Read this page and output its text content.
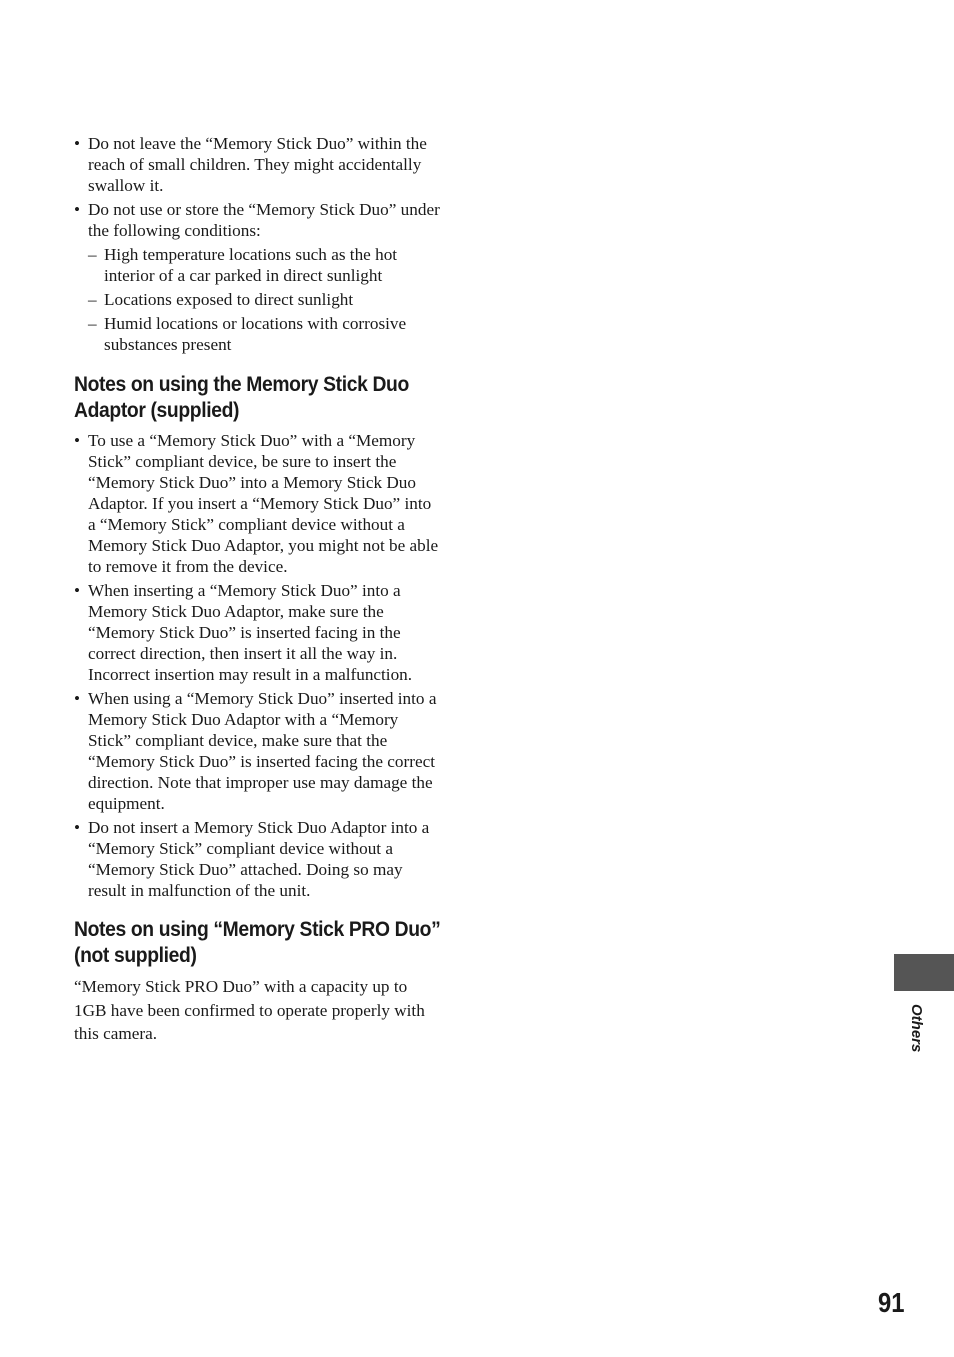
• Do not leave the “Memory Stick Duo” within the reach of small children. They might accidentally swallow it.
• Do not use or store the “Memory Stick Duo” under the following conditions:
– High temperature locations such as the hot interior of a car parked in direct sunlight
– Locations exposed to direct sunlight
– Humid locations or locations with corrosive substances present
Notes on using the Memory Stick Duo Adaptor (supplied)
• To use a “Memory Stick Duo” with a “Memory Stick” compliant device, be sure to insert the “Memory Stick Duo” into a Memory Stick Duo Adaptor. If you insert a “Memory Stick Duo” into a “Memory Stick” compliant device without a Memory Stick Duo Adaptor, you might not be able to remove it from the device.
• When inserting a “Memory Stick Duo” into a Memory Stick Duo Adaptor, make sure the “Memory Stick Duo” is inserted facing in the correct direction, then insert it all the way in. Incorrect insertion may result in a malfunction.
• When using a “Memory Stick Duo” inserted into a Memory Stick Duo Adaptor with a “Memory Stick” compliant device, make sure that the “Memory Stick Duo” is inserted facing the correct direction. Note that improper use may damage the equipment.
• Do not insert a Memory Stick Duo Adaptor into a “Memory Stick” compliant device without a “Memory Stick Duo” attached. Doing so may result in malfunction of the unit.
Notes on using “Memory Stick PRO Duo” (not supplied)

“Memory Stick PRO Duo” with a capacity up to 1GB have been confirmed to operate properly with this camera.	Others
91
